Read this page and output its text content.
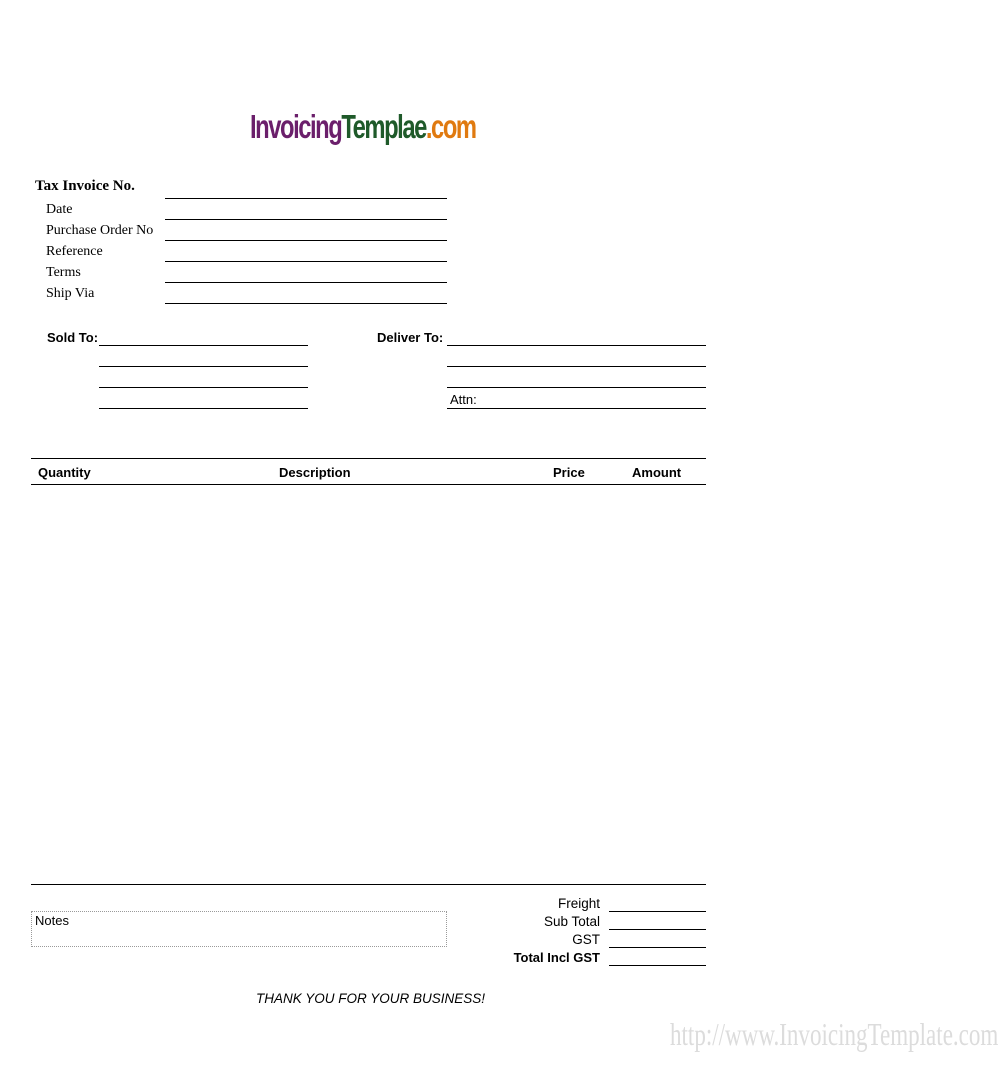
InvoicingTemplae.com
Tax Invoice No.
Date
Purchase Order No
Reference
Terms
Ship Via
Sold To:	Deliver To:
Attn:
Quantity	Description	Price	Amount
Notes
Freight
Sub Total
GST
Total Incl GST
THANK YOU FOR YOUR BUSINESS!
http://www.InvoicingTemplate.com
